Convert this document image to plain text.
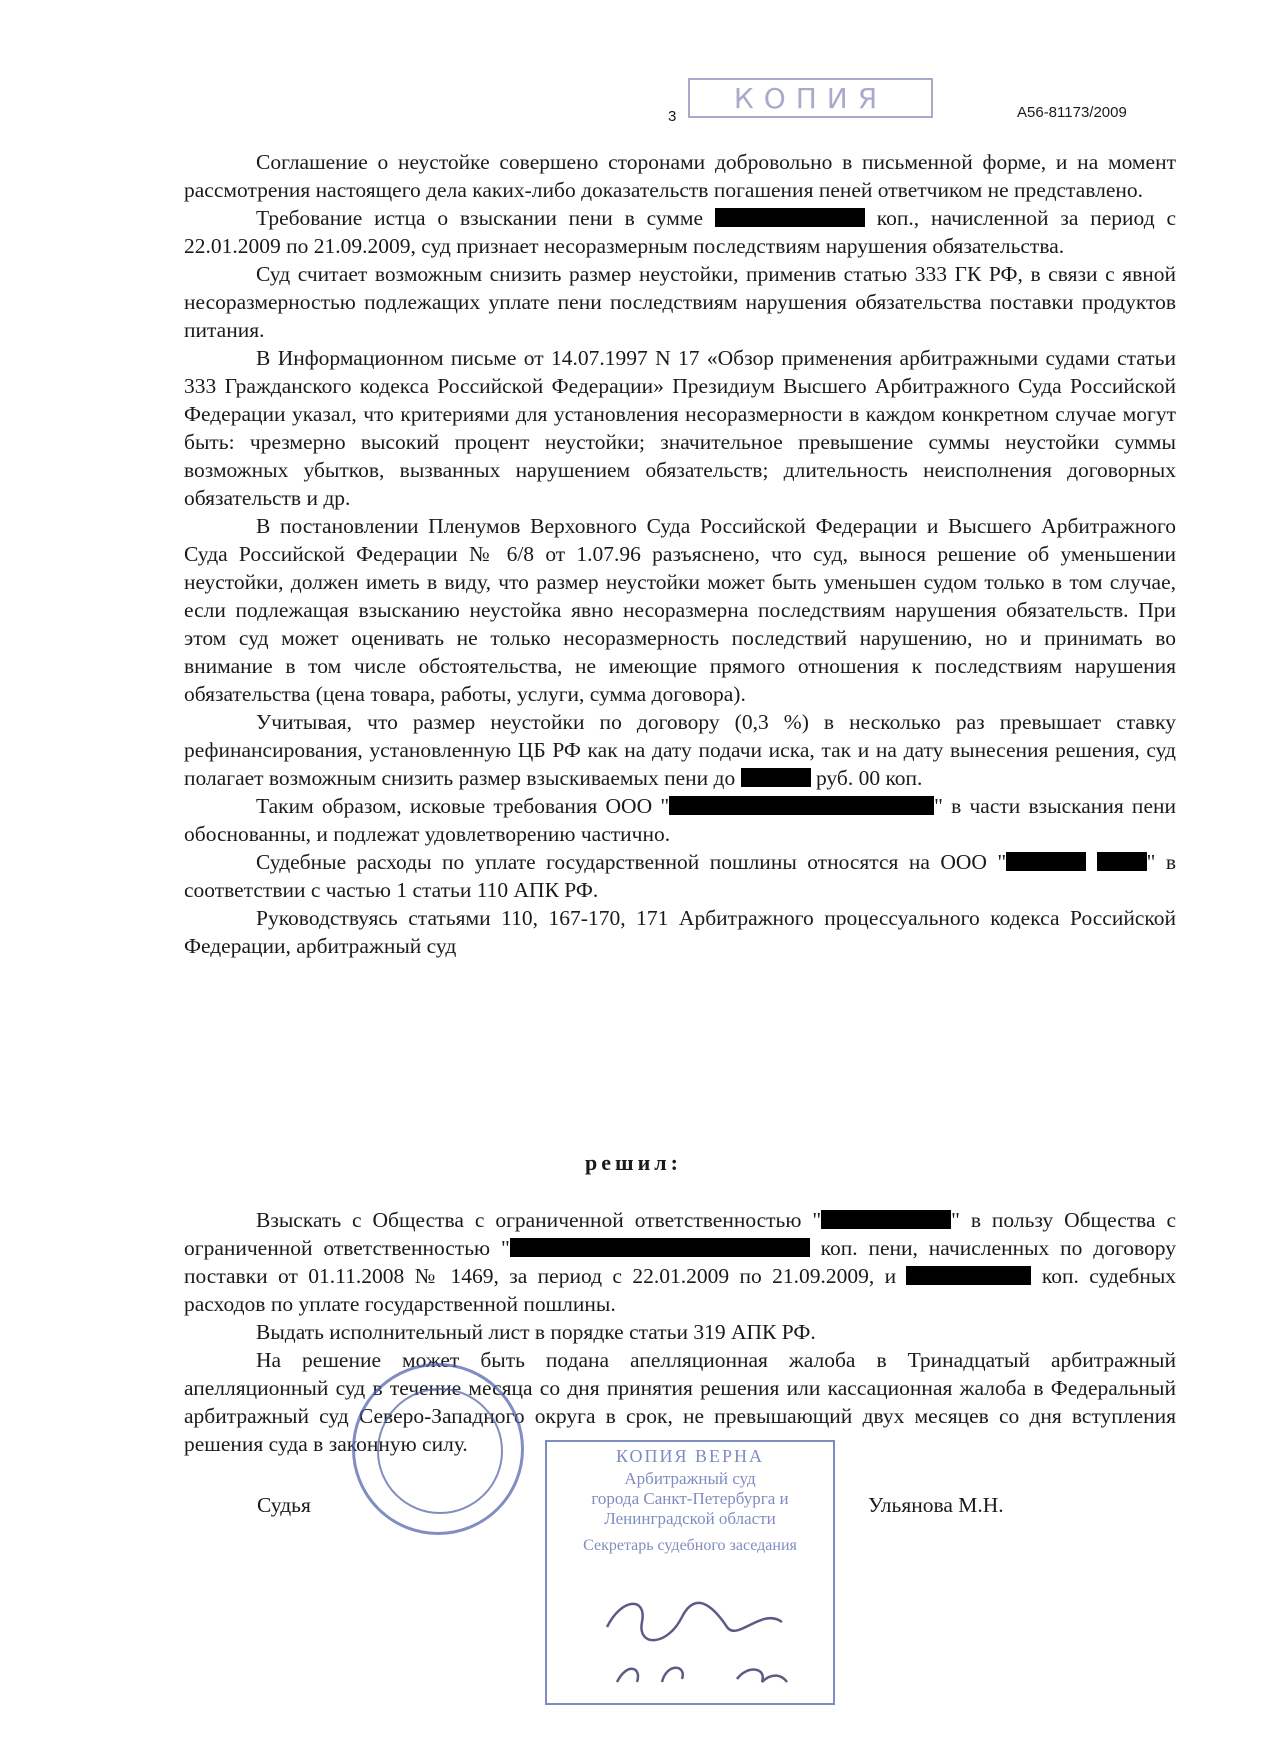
КОПИЯ
3	А56-81173/2009

Соглашение о неустойке совершено сторонами добровольно в письменной форме, и на момент рассмотрения настоящего дела каких-либо доказательств погашения пеней ответчиком не представлено.

Требование истца о взыскании пени в сумме	коп., начисленной за период с 22.01.2009 по 21.09.2009, суд признает несоразмерным последствиям нарушения обязательства.

Суд считает возможным снизить размер неустойки, применив статью 333 ГК РФ, в связи с явной несоразмерностью подлежащих уплате пени последствиям нарушения обязательства поставки продуктов питания.

В Информационном письме от 14.07.1997 N 17 «Обзор применения арбитражными судами статьи 333 Гражданского кодекса Российской Федерации» Президиум Высшего Арбитражного Суда Российской Федерации указал, что критериями для установления несоразмерности в каждом конкретном случае могут быть: чрезмерно высокий процент неустойки; значительное превышение суммы неустойки суммы возможных убытков, вызванных нарушением обязательств; длительность неисполнения договорных обязательств и др.

В постановлении Пленумов Верховного Суда Российской Федерации и Высшего Арбитражного Суда Российской Федерации № 6/8 от 1.07.96 разъяснено, что суд, вынося решение об уменьшении неустойки, должен иметь в виду, что размер неустойки может быть уменьшен судом только в том случае, если подлежащая взысканию неустойка явно несоразмерна последствиям нарушения обязательств. При этом суд может оценивать не только несоразмерность последствий нарушению, но и принимать во внимание в том числе обстоятельства, не имеющие прямого отношения к последствиям нарушения обязательства (цена товара, работы, услуги, сумма договора).

Учитывая, что размер неустойки по договору (0,3 %) в несколько раз превышает ставку рефинансирования, установленную ЦБ РФ как на дату подачи иска, так и на дату вынесения решения, суд полагает возможным снизить размер взыскиваемых пени до	руб. 00 коп.

Таким образом, исковые требования ООО "	" в части взыскания пени обоснованны, и подлежат удовлетворению частично.

Судебные расходы по уплате государственной пошлины относятся на ООО "	" в соответствии с частью 1 статьи 110 АПК РФ.

Руководствуясь статьями 110, 167-170, 171 Арбитражного процессуального кодекса Российской Федерации, арбитражный суд

решил:

Взыскать с Общества с ограниченной ответственностью "	" в пользу Общества с ограниченной ответственностью "	коп. пени, начисленных по договору поставки от 01.11.2008 № 1469, за период с 22.01.2009 по 21.09.2009, и	коп. судебных расходов по уплате государственной пошлины.

Выдать исполнительный лист в порядке статьи 319 АПК РФ.

На решение может быть подана апелляционная жалоба в Тринадцатый арбитражный апелляционный суд в течение месяца со дня принятия решения или кассационная жалоба в Федеральный арбитражный суд Северо-Западного округа в срок, не превышающий двух месяцев со дня вступления решения суда в законную силу.

Судья	Ульянова М.Н.
КОПИЯ ВЕРНА
Арбитражный суд
города Санкт-Петербурга и
Ленинградской области
Секретарь судебного заседания
